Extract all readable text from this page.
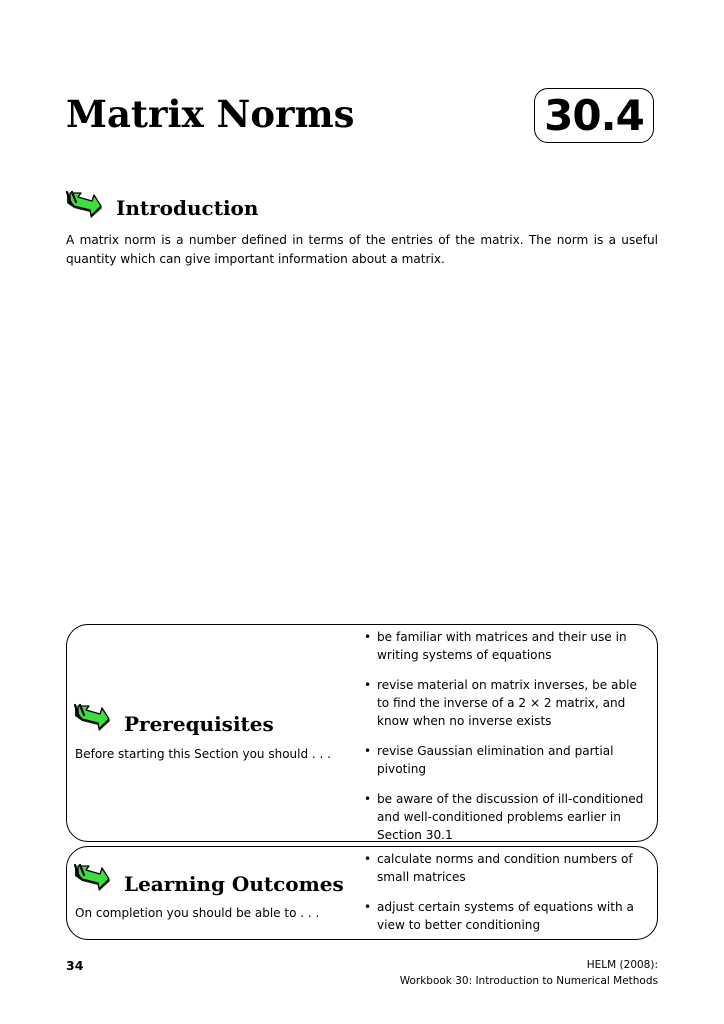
Matrix Norms	30.4
Introduction
A matrix norm is a number defined in terms of the entries of the matrix. The norm is a useful quantity which can give important information about a matrix.
Prerequisites
Before starting this Section you should . . .
• be familiar with matrices and their use in writing systems of equations
• revise material on matrix inverses, be able to find the inverse of a 2 × 2 matrix, and know when no inverse exists
• revise Gaussian elimination and partial pivoting
• be aware of the discussion of ill-conditioned and well-conditioned problems earlier in Section 30.1
Learning Outcomes
On completion you should be able to . . .
• calculate norms and condition numbers of small matrices
• adjust certain systems of equations with a view to better conditioning
34	HELM (2008):
Workbook 30: Introduction to Numerical Methods
